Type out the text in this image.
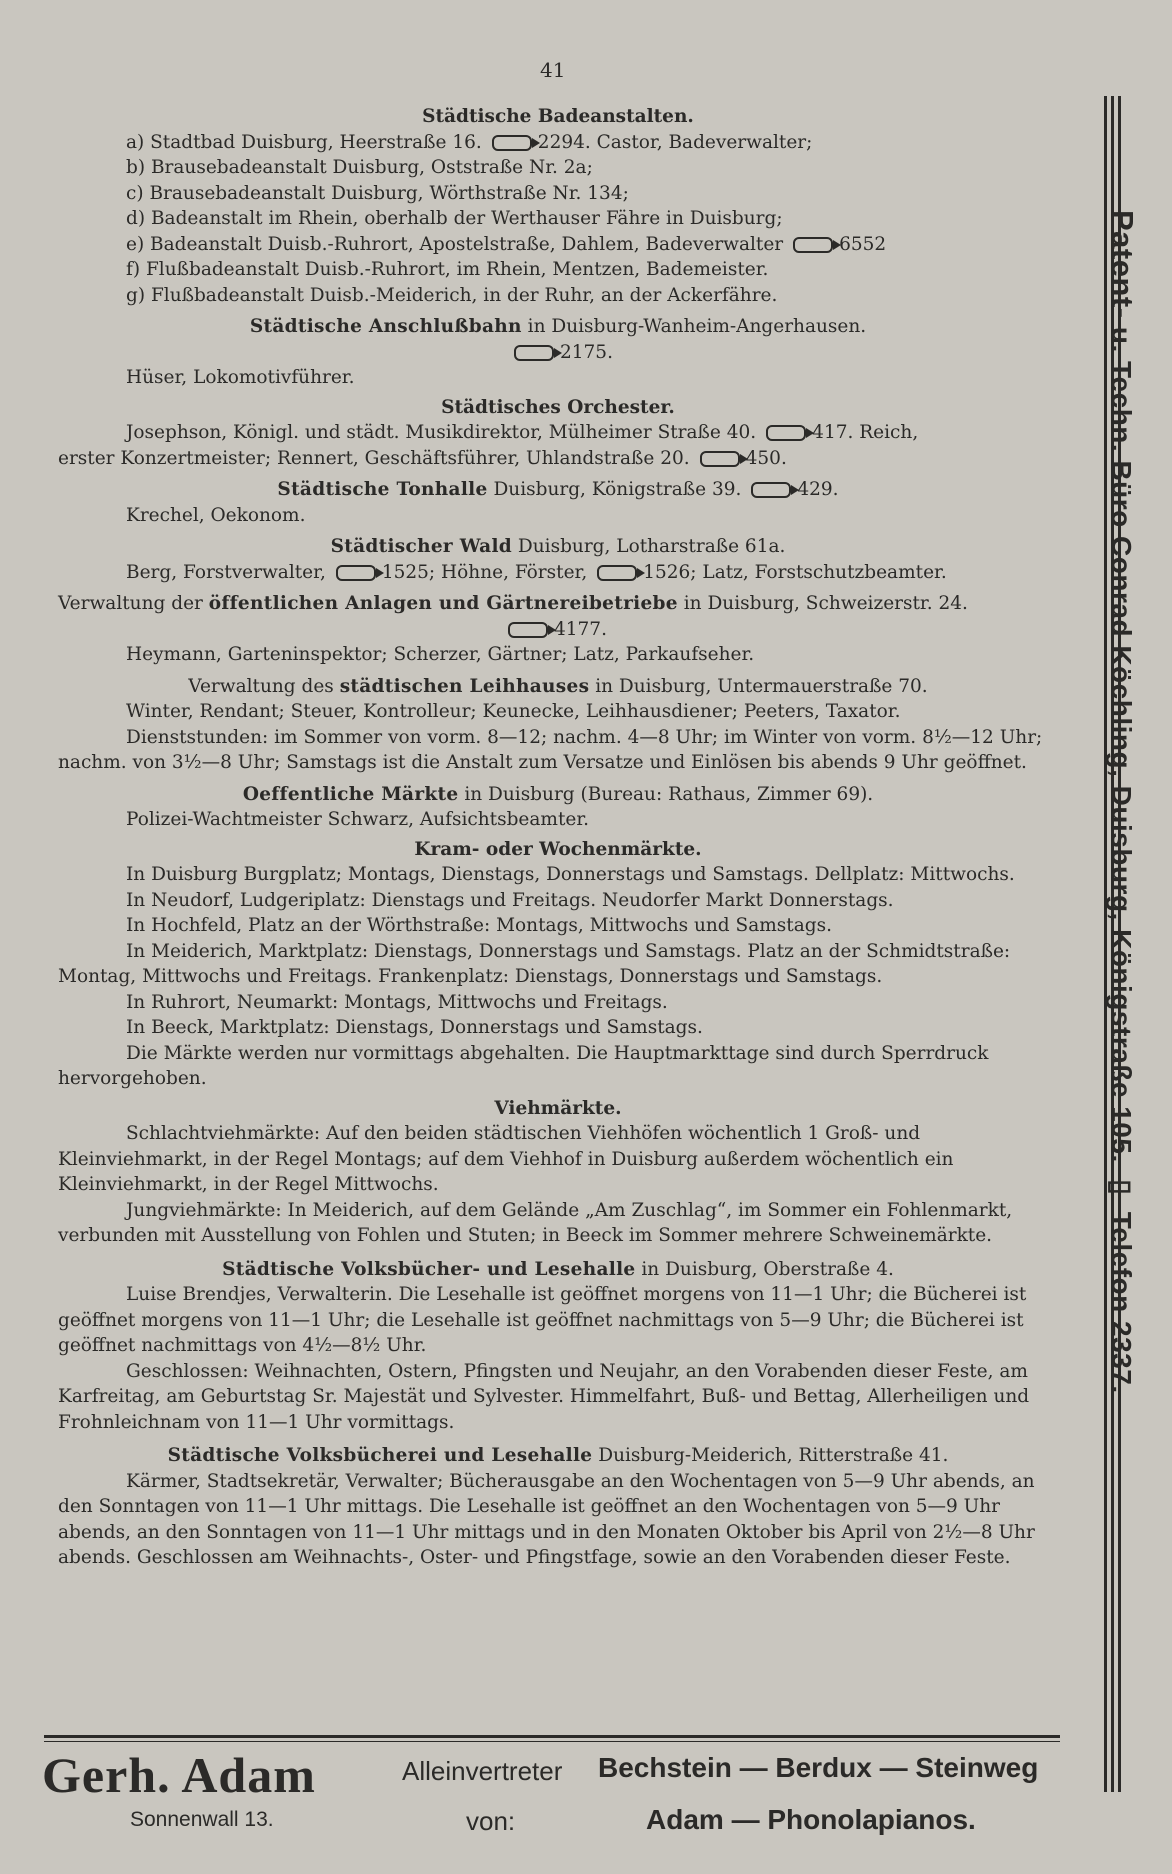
41

Städtische Badeanstalten.

a) Stadtbad Duisburg, Heerstraße 16.	2294. Castor, Badeverwalter;

b) Brausebadeanstalt Duisburg, Oststraße Nr. 2a;

c) Brausebadeanstalt Duisburg, Wörthstraße Nr. 134;

d) Badeanstalt im Rhein, oberhalb der Werthauser Fähre in Duisburg;

e) Badeanstalt Duisb.-Ruhrort, Apostelstraße, Dahlem, Badeverwalter	6552

f) Flußbadeanstalt Duisb.-Ruhrort, im Rhein, Mentzen, Bademeister.

g) Flußbadeanstalt Duisb.-Meiderich, in der Ruhr, an der Ackerfähre.

Städtische Anschlußbahn in Duisburg-Wanheim-Angerhausen.

2175.

Hüser, Lokomotivführer.

Städtisches Orchester.

Josephson, Königl. und städt. Musikdirektor, Mülheimer Straße 40.	417. Reich,

erster Konzertmeister; Rennert, Geschäftsführer, Uhlandstraße 20.	450.

Städtische Tonhalle Duisburg, Königstraße 39.	429.

Krechel, Oekonom.

Städtischer Wald Duisburg, Lotharstraße 61a.

Berg, Forstverwalter,	1525; Höhne, Förster,	1526; Latz, Forstschutzbeamter.

Verwaltung der öffentlichen Anlagen und Gärtnereibetriebe in Duisburg, Schweizerstr. 24.

4177.

Heymann, Garteninspektor; Scherzer, Gärtner; Latz, Parkaufseher.

Verwaltung des städtischen Leihhauses in Duisburg, Untermauerstraße 70.

Winter, Rendant; Steuer, Kontrolleur; Keunecke, Leihhausdiener; Peeters, Taxator.

Dienststunden: im Sommer von vorm. 8—12; nachm. 4—8 Uhr; im Winter von vorm. 8½—12 Uhr; nachm. von 3½—8 Uhr; Samstags ist die Anstalt zum Versatze und Einlösen bis abends 9 Uhr geöffnet.

Oeffentliche Märkte in Duisburg (Bureau: Rathaus, Zimmer 69).

Polizei-Wachtmeister Schwarz, Aufsichtsbeamter.

Kram- oder Wochenmärkte.

In Duisburg Burgplatz; Montags, Dienstags, Donnerstags und Samstags. Dellplatz: Mittwochs.

In Neudorf, Ludgeriplatz: Dienstags und Freitags. Neudorfer Markt Donnerstags.

In Hochfeld, Platz an der Wörthstraße: Montags, Mittwochs und Samstags.

In Meiderich, Marktplatz: Dienstags, Donnerstags und Samstags. Platz an der Schmidtstraße: Montag, Mittwochs und Freitags. Frankenplatz: Dienstags, Donnerstags und Samstags.

In Ruhrort, Neumarkt: Montags, Mittwochs und Freitags.

In Beeck, Marktplatz: Dienstags, Donnerstags und Samstags.

Die Märkte werden nur vormittags abgehalten. Die Hauptmarkttage sind durch Sperrdruck hervorgehoben.

Viehmärkte.

Schlachtviehmärkte: Auf den beiden städtischen Viehhöfen wöchentlich 1 Groß- und Kleinviehmarkt, in der Regel Montags; auf dem Viehhof in Duisburg außerdem wöchentlich ein Kleinviehmarkt, in der Regel Mittwochs.

Jungviehmärkte: In Meiderich, auf dem Gelände „Am Zuschlag“, im Sommer ein Fohlenmarkt, verbunden mit Ausstellung von Fohlen und Stuten; in Beeck im Sommer mehrere Schweinemärkte.

Städtische Volksbücher- und Lesehalle in Duisburg, Oberstraße 4.

Luise Brendjes, Verwalterin. Die Lesehalle ist geöffnet morgens von 11—1 Uhr; die Bücherei ist geöffnet morgens von 11—1 Uhr; die Lesehalle ist geöffnet nachmittags von 5—9 Uhr; die Bücherei ist geöffnet nachmittags von 4½—8½ Uhr.

Geschlossen: Weihnachten, Ostern, Pfingsten und Neujahr, an den Vorabenden dieser Feste, am Karfreitag, am Geburtstag Sr. Majestät und Sylvester. Himmelfahrt, Buß- und Bettag, Allerheiligen und Frohnleichnam von 11—1 Uhr vormittags.

Städtische Volksbücherei und Lesehalle Duisburg-Meiderich, Ritterstraße 41.

Kärmer, Stadtsekretär, Verwalter; Bücherausgabe an den Wochentagen von 5—9 Uhr abends, an den Sonntagen von 11—1 Uhr mittags. Die Lesehalle ist geöffnet an den Wochentagen von 5—9 Uhr abends, an den Sonntagen von 11—1 Uhr mittags und in den Monaten Oktober bis April von 2½—8 Uhr abends. Geschlossen am Weihnachts-, Oster- und Pfingstfage, sowie an den Vorabenden dieser Feste.

Patent- u. Techn. Büro Conrad Köchling, Duisburg, Königstraße 105.  ▯  Telefon 2337.
Gerh. Adam
Sonnenwall 13.
Alleinvertreter
von:
Bechstein — Berdux — Steinweg
Adam — Phonolapianos.
